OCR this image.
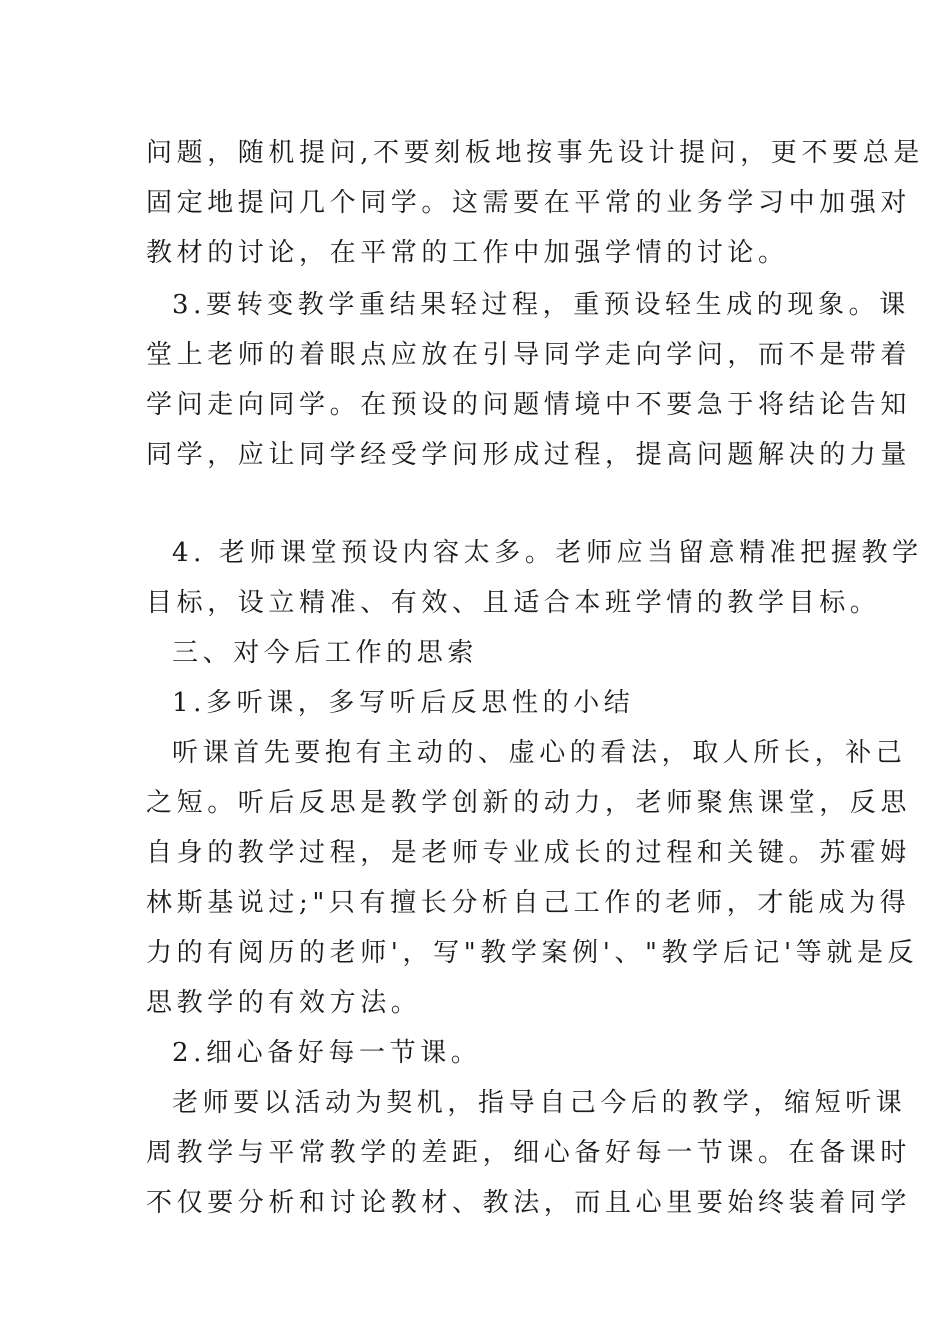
问题，随机提问,不要刻板地按事先设计提问，更不要总是
固定地提问几个同学。这需要在平常的业务学习中加强对
教材的讨论，在平常的工作中加强学情的讨论。
3.要转变教学重结果轻过程，重预设轻生成的现象。课
堂上老师的着眼点应放在引导同学走向学问，而不是带着
学问走向同学。在预设的问题情境中不要急于将结论告知
同学，应让同学经受学问形成过程，提高问题解决的力量
4. 老师课堂预设内容太多。老师应当留意精准把握教学
目标，设立精准、有效、且适合本班学情的教学目标。
三、对今后工作的思索
1.多听课，多写听后反思性的小结
听课首先要抱有主动的、虚心的看法，取人所长，补己
之短。听后反思是教学创新的动力，老师聚焦课堂，反思
自身的教学过程，是老师专业成长的过程和关键。苏霍姆
林斯基说过;"只有擅长分析自己工作的老师，才能成为得
力的有阅历的老师'，写"教学案例'、"教学后记'等就是反
思教学的有效方法。
2.细心备好每一节课。
老师要以活动为契机，指导自己今后的教学，缩短听课
周教学与平常教学的差距，细心备好每一节课。在备课时
不仅要分析和讨论教材、教法，而且心里要始终装着同学
